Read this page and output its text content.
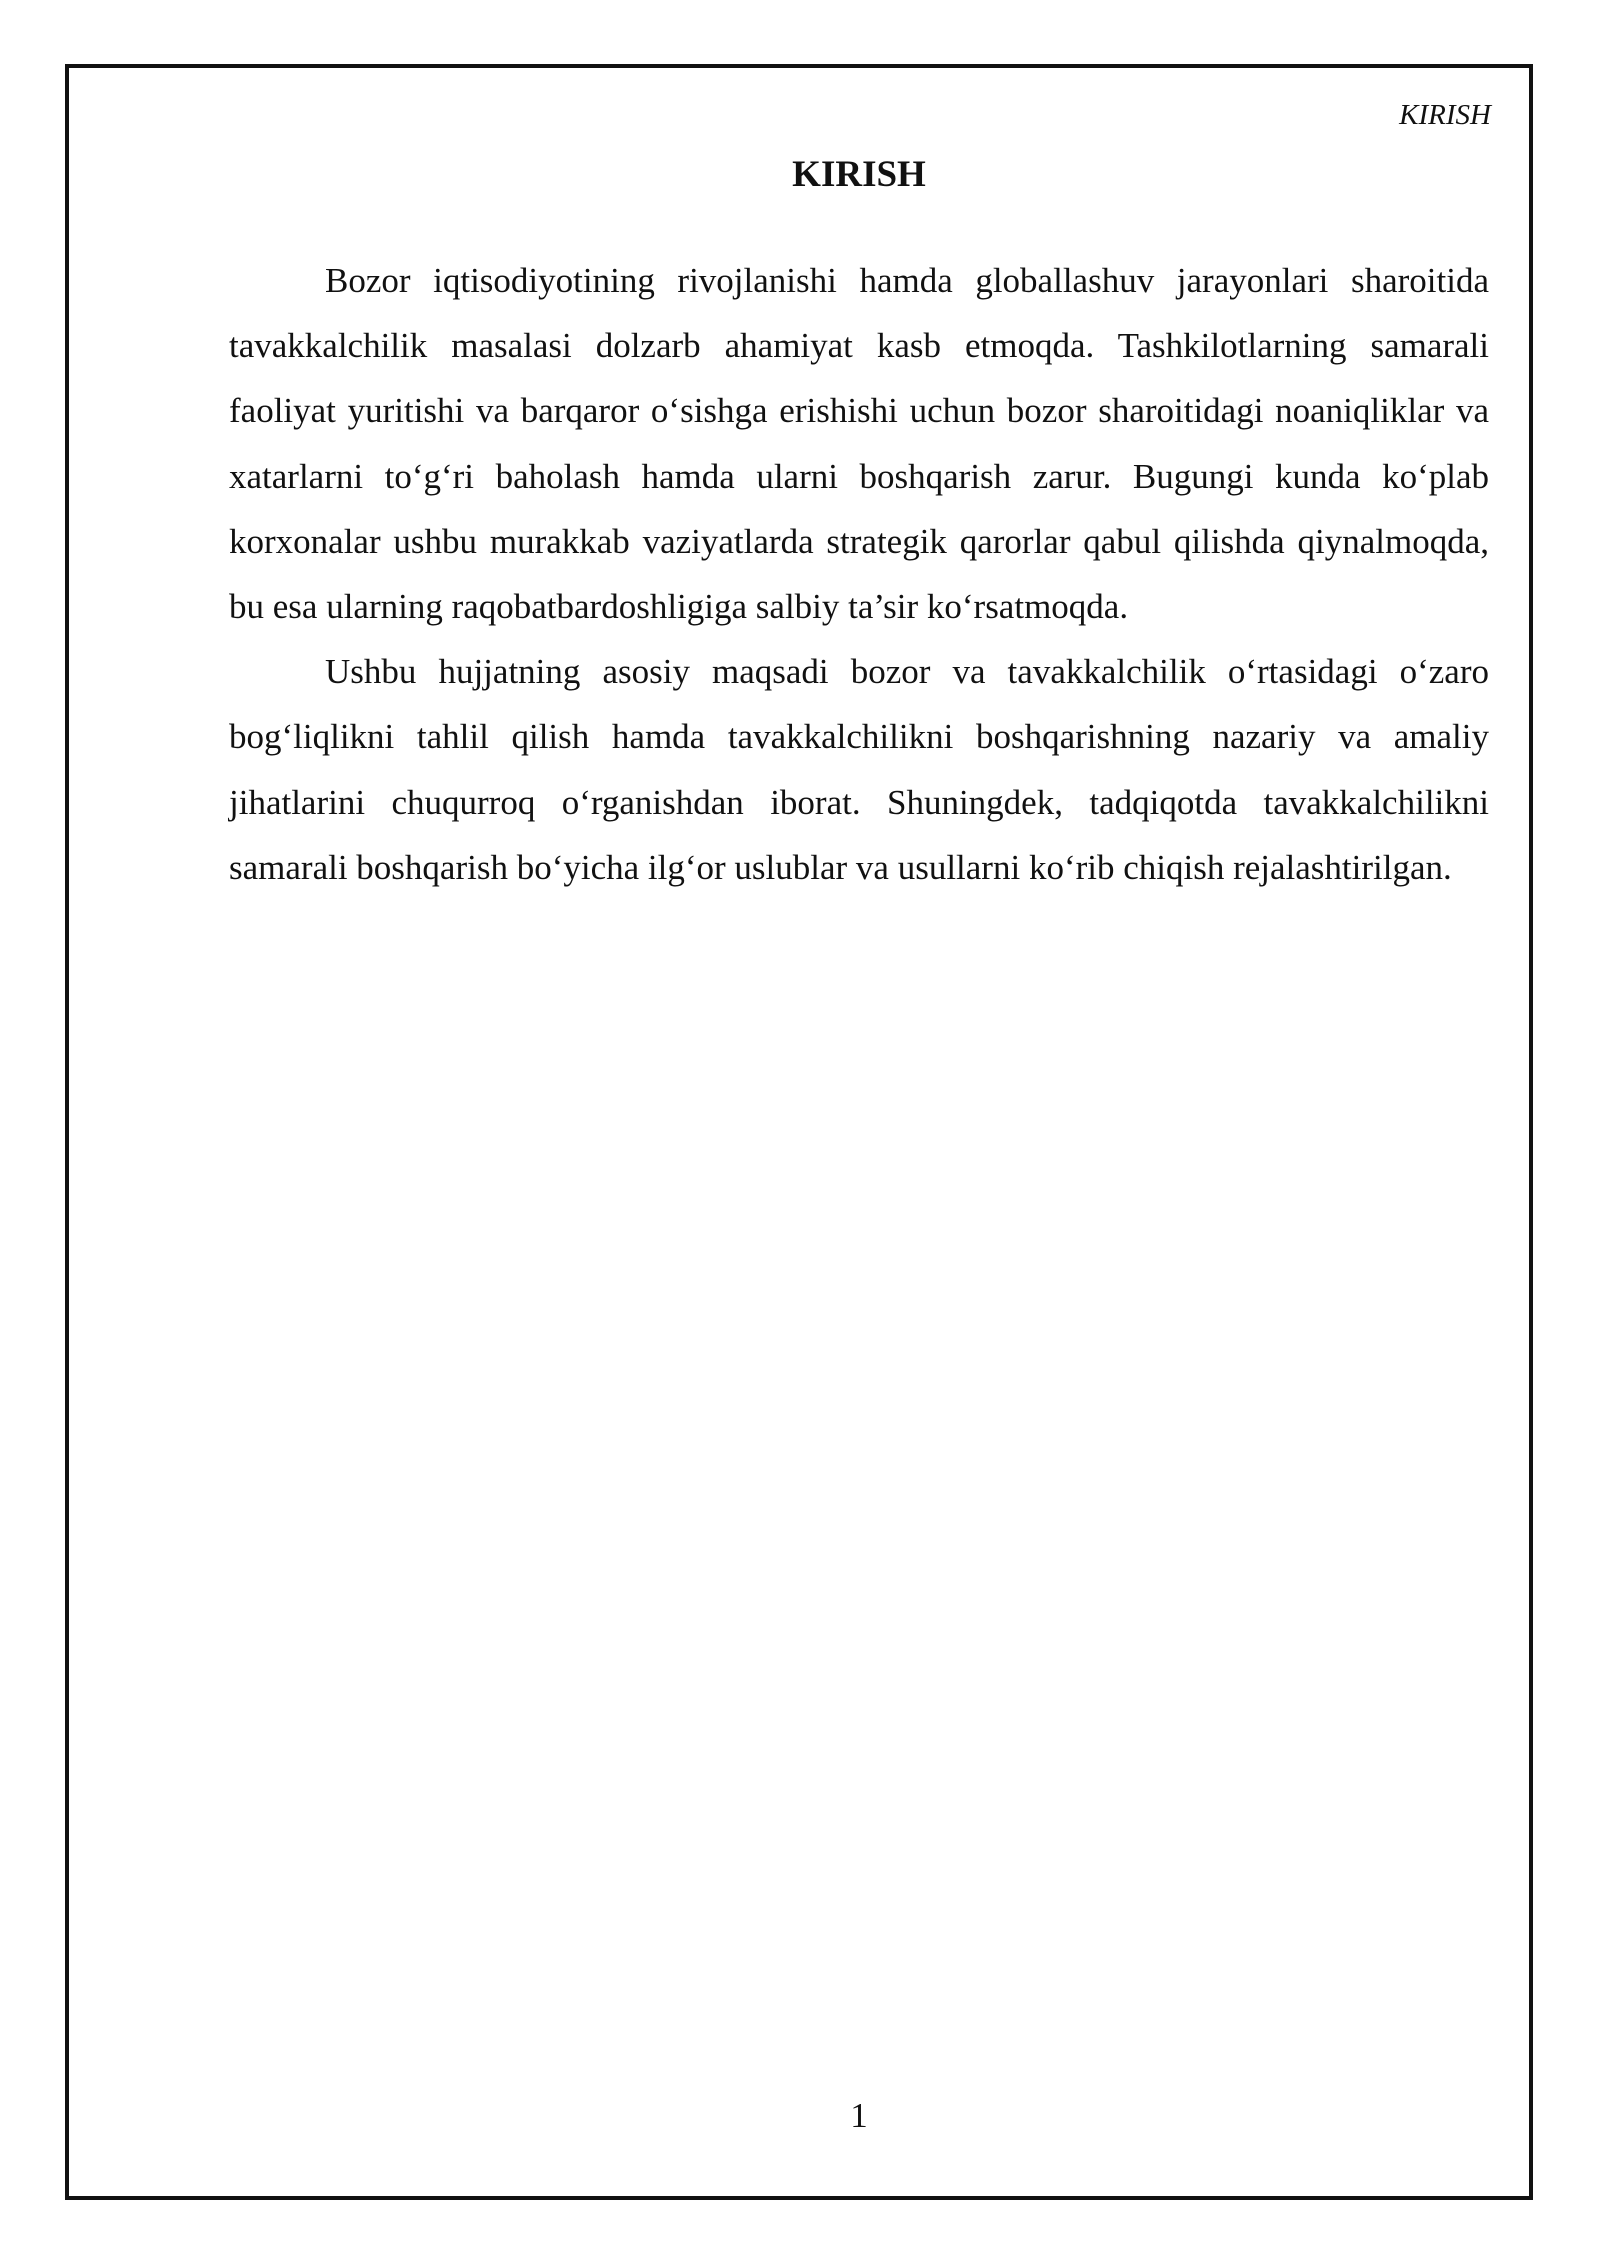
KIRISH
KIRISH

Bozor iqtisodiyotining rivojlanishi hamda globallashuv jarayonlari sharoitida tavakkalchilik masalasi dolzarb ahamiyat kasb etmoqda. Tashkilotlarning samarali faoliyat yuritishi va barqaror o‘sishga erishishi uchun bozor sharoitidagi noaniqliklar va xatarlarni to‘g‘ri baholash hamda ularni boshqarish zarur. Bugungi kunda ko‘plab korxonalar ushbu murakkab vaziyatlarda strategik qarorlar qabul qilishda qiynalmoqda, bu esa ularning raqobatbardoshligiga salbiy ta’sir ko‘rsatmoqda.

Ushbu hujjatning asosiy maqsadi bozor va tavakkalchilik o‘rtasidagi o‘zaro bog‘liqlikni tahlil qilish hamda tavakkalchilikni boshqarishning nazariy va amaliy jihatlarini chuqurroq o‘rganishdan iborat. Shuningdek, tadqiqotda tavakkalchilikni samarali boshqarish bo‘yicha ilg‘or uslublar va usullarni ko‘rib chiqish rejalashtirilgan.

1
